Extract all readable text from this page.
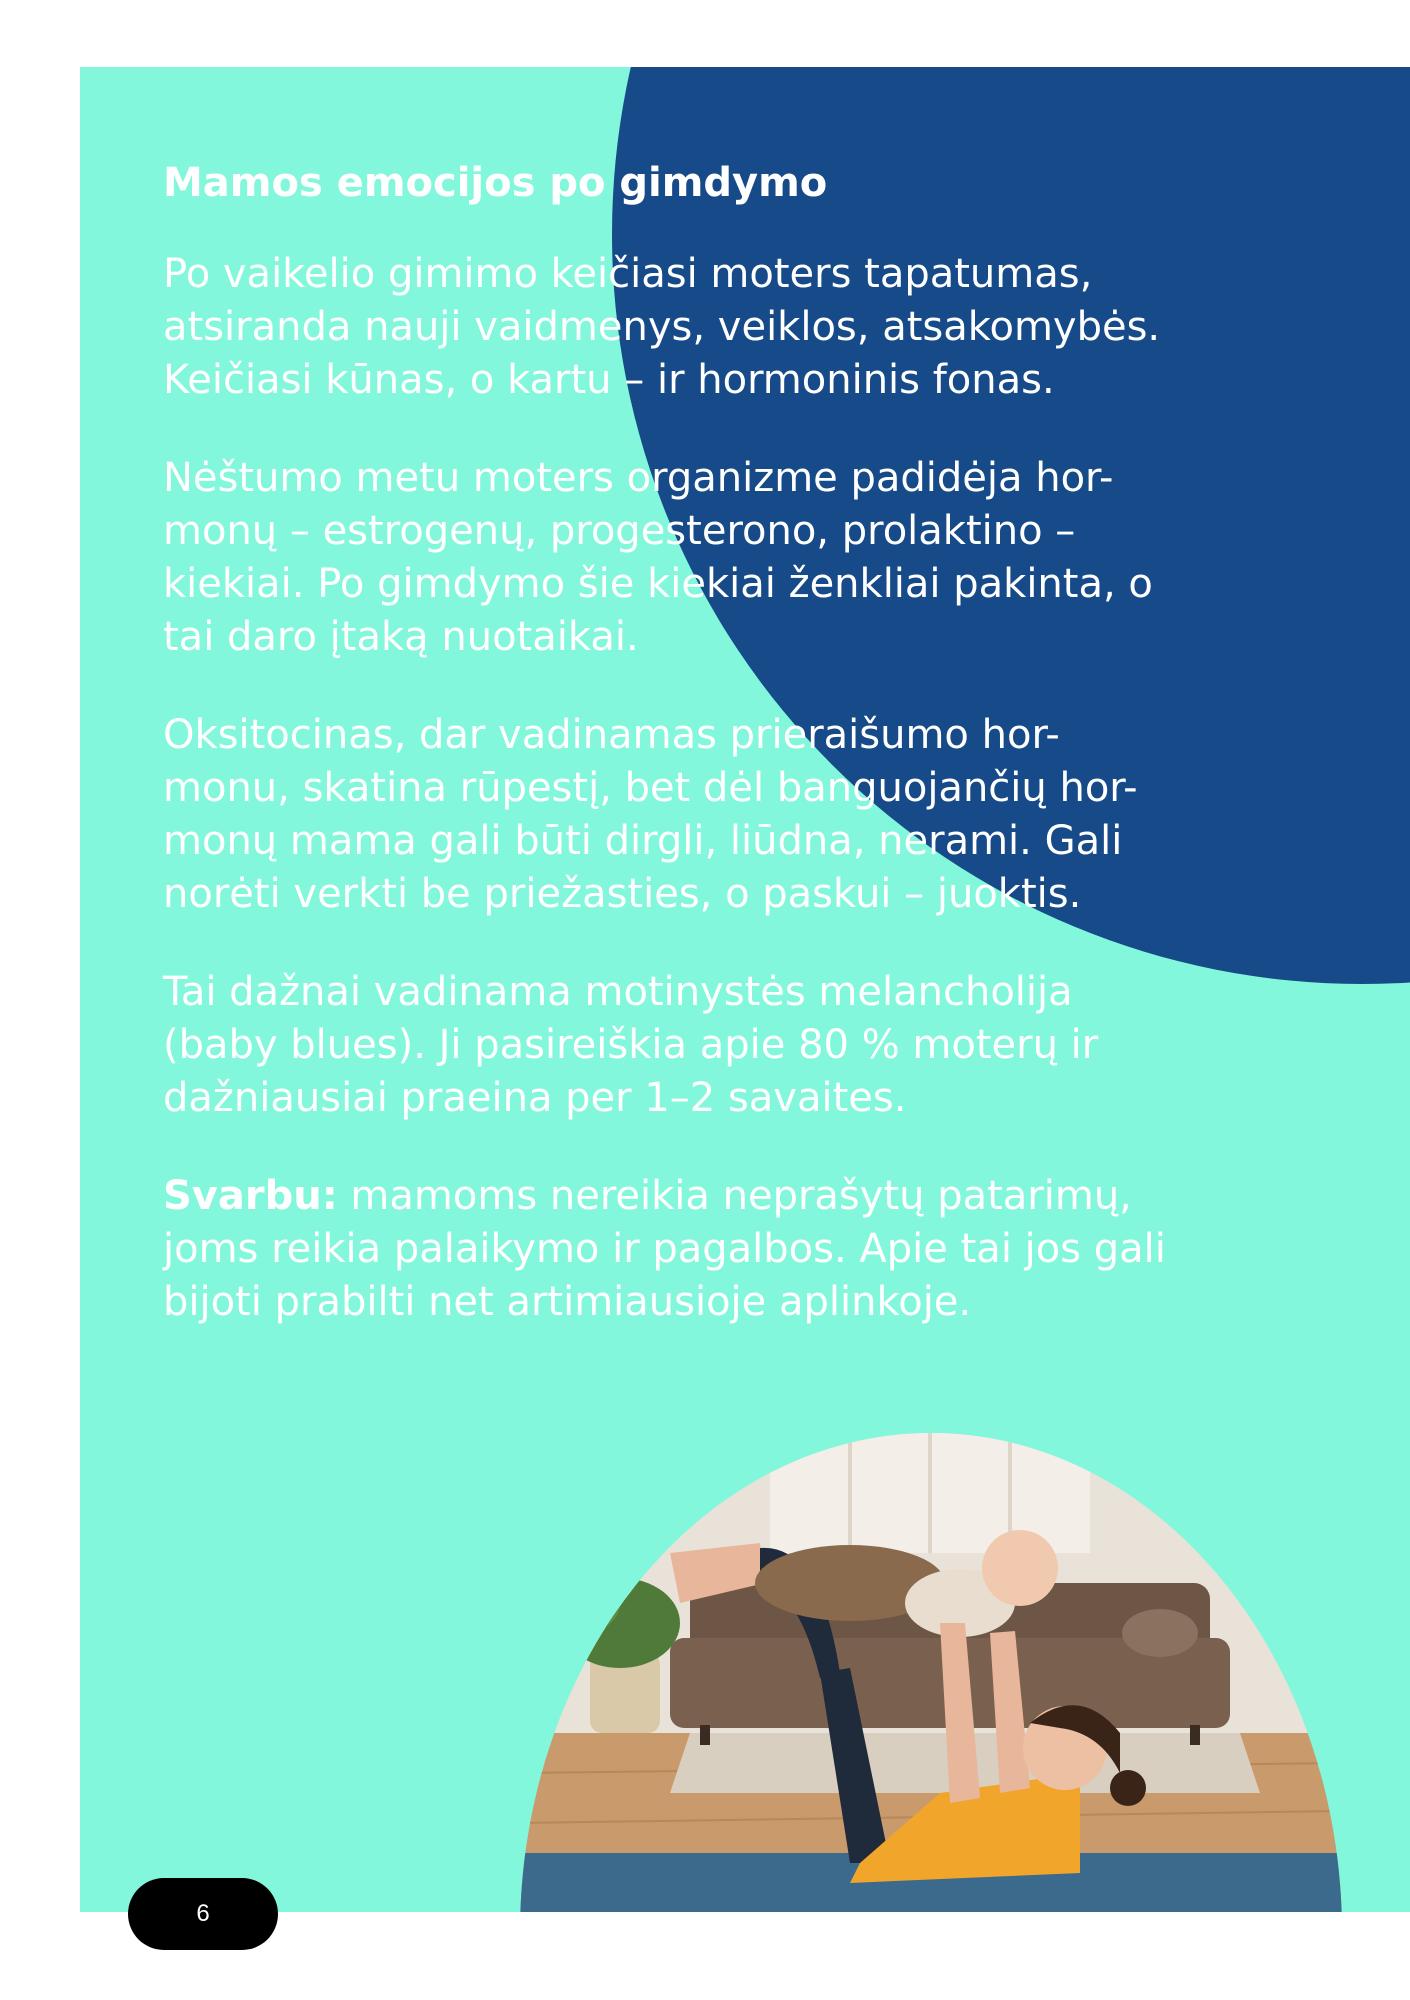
Mamos emocijos po gimdymo

Po vaikelio gimimo keičiasi moters tapatumas,
atsiranda nauji vaidmenys, veiklos, atsakomybės.
Keičiasi kūnas, o kartu – ir hormoninis fonas.

Nėštumo metu moters organizme padidėja hor-
monų – estrogenų, progesterono, prolaktino –
kiekiai. Po gimdymo šie kiekiai ženkliai pakinta, o
tai daro įtaką nuotaikai.

Oksitocinas, dar vadinamas prieraišumo hor-
monu, skatina rūpestį, bet dėl banguojančių hor-
monų mama gali būti dirgli, liūdna, nerami. Gali
norėti verkti be priežasties, o paskui – juoktis.

Tai dažnai vadinama motinystės melancholija
(baby blues). Ji pasireiškia apie 80 % moterų ir
dažniausiai praeina per 1–2 savaites.

Svarbu: mamoms nereikia neprašytų patarimų,
joms reikia palaikymo ir pagalbos. Apie tai jos gali
bijoti prabilti net artimiausioje aplinkoje.

6
